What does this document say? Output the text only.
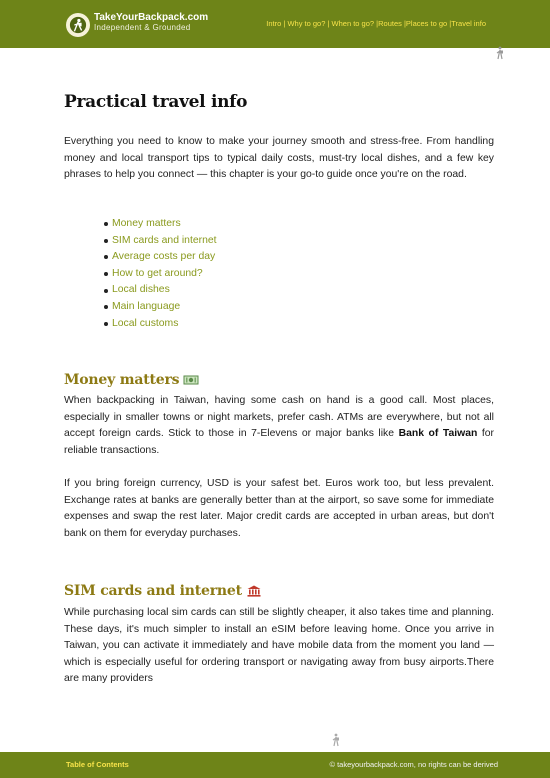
TakeYourBackpack.com
Independent & Grounded	Intro | Why to go? | When to go? |Routes |Places to go |Travel info
Practical travel info

Everything you need to know to make your journey smooth and stress-free. From handling money and local transport tips to typical daily costs, must-try local dishes, and a few key phrases to help you connect — this chapter is your go-to guide once you're on the road.

Money matters
SIM cards and internet
Average costs per day
How to get around?
Local dishes
Main language
Local customs
Money matters

When backpacking in Taiwan, having some cash on hand is a good call. Most places, especially in smaller towns or night markets, prefer cash. ATMs are everywhere, but not all accept foreign cards. Stick to those in 7-Elevens or major banks like Bank of Taiwan for reliable transactions.

If you bring foreign currency, USD is your safest bet. Euros work too, but less prevalent. Exchange rates at banks are generally better than at the airport, so save some for immediate expenses and swap the rest later. Major credit cards are accepted in urban areas, but don't bank on them for everyday purchases.

SIM cards and internet

While purchasing local sim cards can still be slightly cheaper, it also takes time and planning. These days, it's much simpler to install an eSIM before leaving home. Once you arrive in Taiwan, you can activate it immediately and have mobile data from the moment you land — which is especially useful for ordering transport or navigating away from busy airports.There are many providers

Table of Contents	© takeyourbackpack.com, no rights can be derived
